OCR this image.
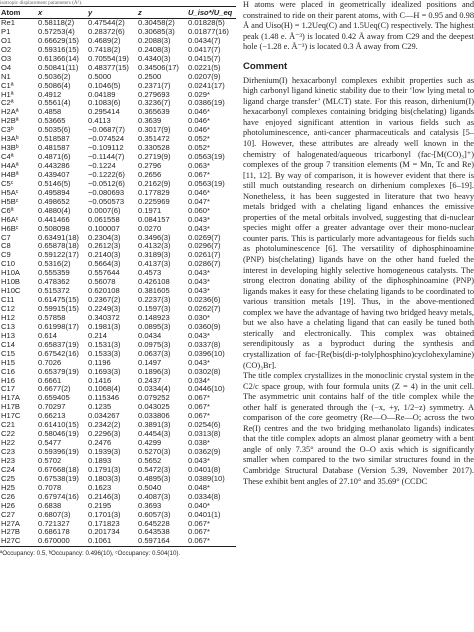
isotropic displacement parameters (Å²).
Atom	x	y	z	U_iso*/U_eq
Re1	0.58118(2)	0.47544(2)	0.30458(2)	0.01828(5)
P1	0.57253(4)	0.28372(6)	0.30685(3)	0.01877(16)
O1	0.66629(15)	0.4689(2)	0.2088(3)	0.0434(7)
O2	0.59316(15)	0.7418(2)	0.2408(3)	0.0417(7)
O3	0.61366(14)	0.70554(19)	0.4340(3)	0.0415(7)
O4	0.50841(11)	0.48377(15)	0.34506(17)	0.0221(5)
N1	0.5036(2)	0.5000	0.2500	0.0207(9)
C1ª	0.5086(4)	0.1046(5)	0.2371(7)	0.0241(17)
H1ª	0.4912	0.04189	0.279693	0.029*
C2ª	0.5561(4)	0.1083(6)	0.3236(7)	0.0386(19)
H2Aª	0.4858	0.295414	0.365639	0.046*
H2Bª	0.53665	0.4113	0.3639	0.046*
C3ᵇ	0.5035(6)	−0.0687(7)	0.3017(9)	0.046*
H3Aᵇ	0.518587	−0.074524	0.351472	0.052*
H3Bᵇ	0.481587	−0.109112	0.330528	0.052*
C4ª	0.4871(6)	−0.1144(7)	0.2719(9)	0.0563(19)
H4Aª	0.443286	−0.1224	0.2796	0.063*
H4Bª	0.439407	−0.1222(6)	0.2656	0.067*
C5ᶜ	0.5146(5)	−0.0512(6)	0.2162(9)	0.0563(19)
H5Aᶜ	0.495894	−0.080693	0.177829	0.046*
H5Bᶜ	0.498652	−0.050573	0.225969	0.047*
C6ª	0.4880(4)	0.0007(6)	0.1971	0.060*
H6Aᶜ	0.441466	0.061558	0.084157	0.043*
H6Bᶜ	0.508098	0.100007	0.0270	0.043*
C7	0.63491(18)	0.2304(3)	0.3496(3)	0.0269(7)
C8	0.65878(18)	0.2612(3)	0.4132(3)	0.0296(7)
C9	0.59122(17)	0.2140(3)	0.3189(3)	0.0261(7)
C10	0.5316(2)	0.5664(3)	0.4137(3)	0.0286(7)
H10A	0.555359	0.557644	0.4573	0.043*
H10B	0.478362	0.56078	0.426108	0.043*
H10C	0.515372	0.620108	0.381605	0.043*
C11	0.61475(15)	0.2367(2)	0.2237(3)	0.0236(6)
C12	0.59915(15)	0.2249(3)	0.1597(3)	0.0262(7)
H12	0.57858	0.340372	0.148923	0.030*
C13	0.61998(17)	0.1981(3)	0.0895(3)	0.0360(9)
H13	0.614	0.214	0.0434	0.043*
C14	0.65837(19)	0.1531(3)	0.0975(3)	0.0337(8)
C15	0.67542(16)	0.1533(3)	0.0637(3)	0.0396(10)
H15	0.7026	0.1196	0.1497	0.043*
C16	0.65379(19)	0.1693(3)	0.1896(3)	0.0302(8)
H16	0.6661	0.1416	0.2437	0.034*
C17	0.6677(2)	0.1068(4)	0.0334(4)	0.0446(10)
H17A	0.659405	0.115346	0.079252	0.067*
H17B	0.70297	0.1235	0.043025	0.067*
H17C	0.66213	0.034267	0.033806	0.067*
C21	0.61410(15)	0.2342(2)	0.3891(3)	0.0254(6)
C22	0.58046(19)	0.2296(3)	0.4454(3)	0.0313(8)
H22	0.5477	0.2476	0.4299	0.038*
C23	0.59396(19)	0.1939(3)	0.5270(3)	0.0362(9)
H23	0.5702	0.1893	0.5652	0.043*
C24	0.67668(18)	0.1791(3)	0.5472(3)	0.0401(8)
C25	0.67538(19)	0.1803(3)	0.4895(3)	0.0389(10)
H25	0.7078	0.1623	0.5040	0.048*
C26	0.67974(16)	0.2146(3)	0.4087(3)	0.0334(8)
H26	0.6838	0.2195	0.3693	0.040*
C27	0.6807(3)	0.1701(3)	0.6057(3)	0.0401(1)
H27A	0.721327	0.171823	0.645228	0.067*
H27B	0.686178	0.201734	0.643538	0.067*
H27C	0.670000	0.1061	0.597164	0.067*
ªOccupancy: 0.5, ᵇOccupancy: 0.496(10), ᶜOccupancy: 0.504(10).

H atoms were placed in geometrically idealized positions and constrained to ride on their parent atoms, with C—H = 0.95 and 0.98 Å and Uiso(H) = 1.2Ueq(C) and 1.5Ueq(C) respectively. The highest peak (1.48 e. Å⁻³) is located 0.42 Å away from C29 and the deepest hole (−1.28 e. Å⁻³) is located 0.3 Å away from C29.

Comment

Dirhenium(I) hexacarbonyl complexes exhibit properties such as high carbonyl ligand kinetic stability due to their ‘low lying metal to ligand charge transfer’ (MLCT) state. For this reason, dirhenium(I) hexacarbonyl complexes containing bridging bis(chelating) ligands have enjoyed significant attention in various fields such as photoluminescence, anti-cancer pharmaceuticals and catalysis [5–10]. However, these attributes are already well known in the chemistry of halogenated/aqueous tricarbonyl (fac-[M(CO)₃]⁺) complexes of the group 7 transition elements (M = Mn, Tc and Re) [11, 12]. By way of comparison, it is however evident that there is still much outstanding research on dirhenium complexes [6–19]. Nonetheless, it has been suggested in literature that two heavy metals bridged with a chelating ligand enhances the emissive properties of the metal orbitals involved, suggesting that di-nuclear species might offer a greater advantage over their mono-nuclear counter parts. This is particularly more advantageous for fields such as photoluminescence [6]. The versatility of diphosphinoamine (PNP) bis(chelating) ligands have on the other hand fueled the interest in developing highly selective homogeneous catalysts. The strong electron donating ability of the diphosphinoamine (PNP) ligands makes it easy for these chelating ligands to be coordinated to various transition metals [19]. Thus, in the above-mentioned complex we have the advantage of having two bridged heavy metals, but we also have a chelating ligand that can easily be tuned both sterically and electronically. This complex was obtained serendipitously as a byproduct during the synthesis and crystallization of fac-[Re(bis(di-p-tolylphosphino)cyclohexylamine)(CO)₃Br].

The title complex crystallizes in the monoclinic crystal system in the C2/c space group, with four formula units (Z = 4) in the unit cell. The asymmetric unit contains half of the title complex while the other half is generated through the (−x, +y, 1/2−z) symmetry. A comparison of the core geometry (Re—O—Re—O; across the two Re(I) centres and the two bridging methanolato ligands) indicates that the title complex adopts an almost planar geometry with a bent angle of only 7.35° around the O–O axis which is significantly smaller when compared to the two similar structures found in the Cambridge Structural Database (Version 5.39, November 2017). These exhibit bent angles of 27.10° and 35.69° (CCDC
